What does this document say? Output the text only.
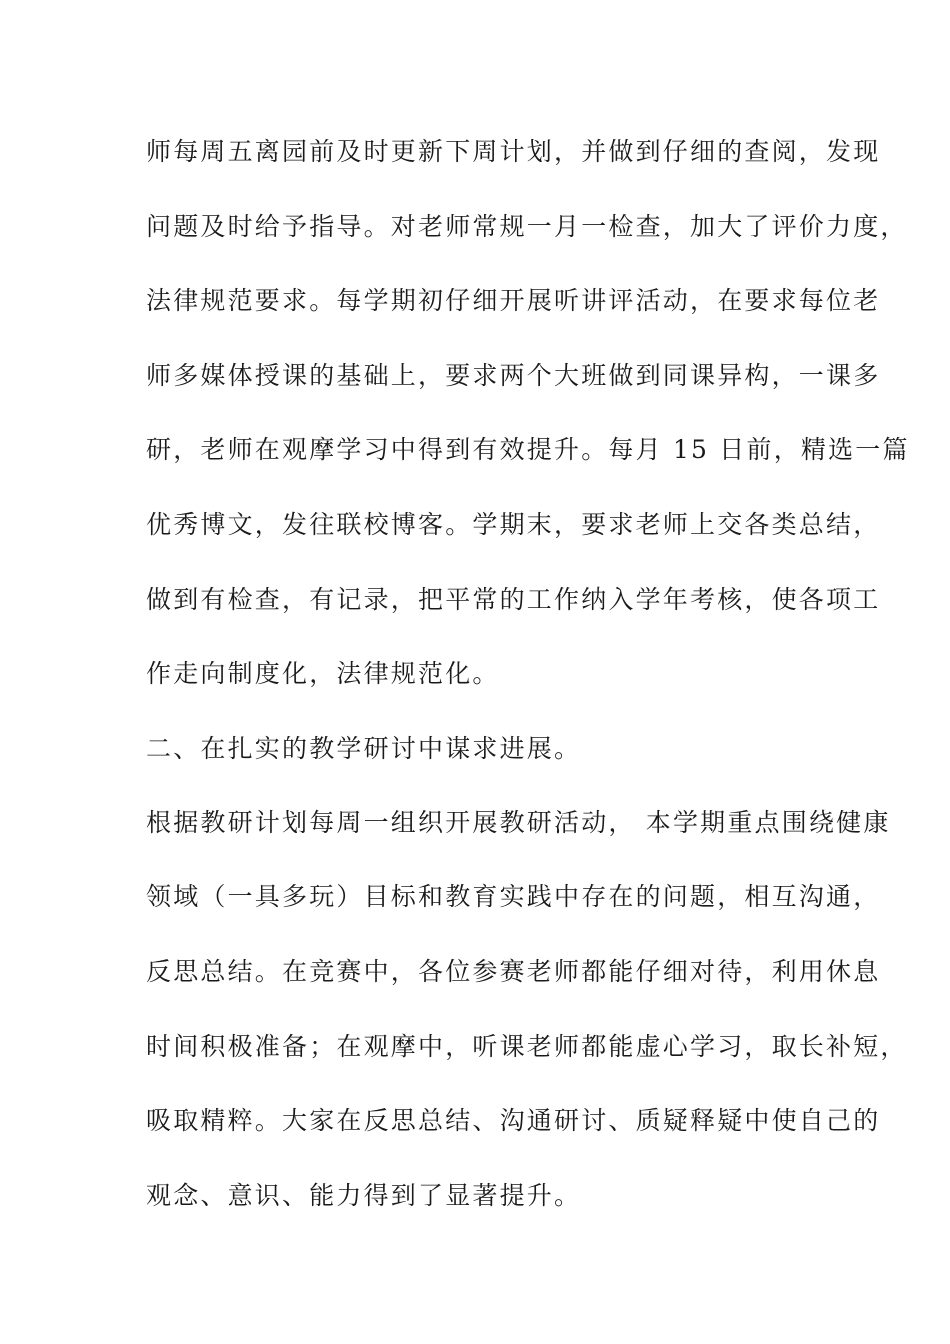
师每周五离园前及时更新下周计划，并做到仔细的查阅，发现
问题及时给予指导。对老师常规一月一检查，加大了评价力度，
法律规范要求。每学期初仔细开展听讲评活动，在要求每位老
师多媒体授课的基础上，要求两个大班做到同课异构，一课多
研，老师在观摩学习中得到有效提升。每月 15 日前，精选一篇
优秀博文，发往联校博客。学期末，要求老师上交各类总结，
做到有检查，有记录，把平常的工作纳入学年考核，使各项工
作走向制度化，法律规范化。
二、在扎实的教学研讨中谋求进展。
根据教研计划每周一组织开展教研活动， 本学期重点围绕健康
领域（一具多玩）目标和教育实践中存在的问题，相互沟通，
反思总结。在竞赛中，各位参赛老师都能仔细对待，利用休息
时间积极准备；在观摩中，听课老师都能虚心学习，取长补短，
吸取精粹。大家在反思总结、沟通研讨、质疑释疑中使自己的
观念、意识、能力得到了显著提升。
